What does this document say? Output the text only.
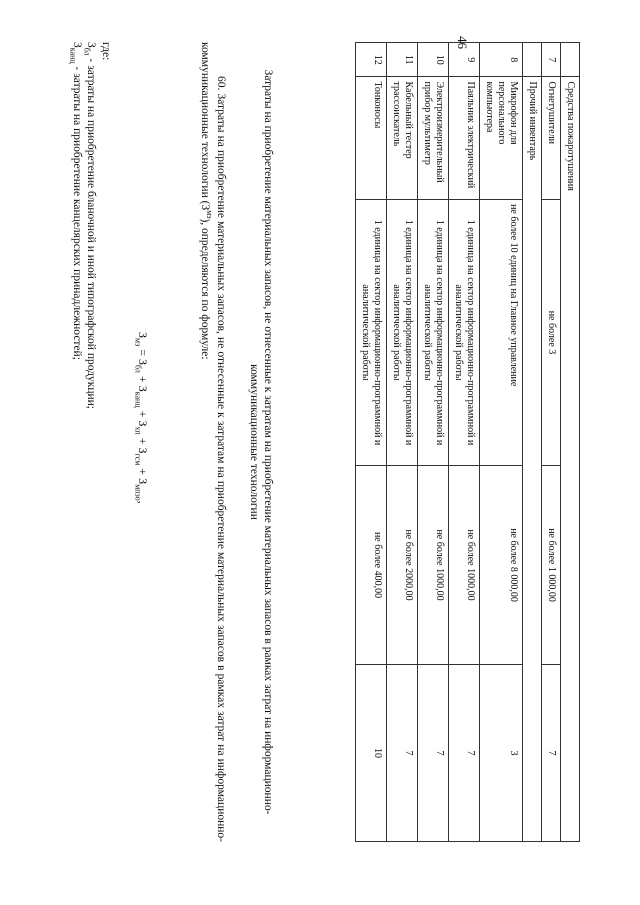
46
	Средства пожаротушения			
7	Огнетушители	не более 3	не более 1 000,00	7
	Прочий инвентарь			
8	Микрофон для персонального компьютера	не более 10 единиц на Главное управление	не более 8 000,00	3
9	Паяльник электрический	1 единица на сектор информационно-программной и аналитической работы	не более 1000,00	7
10	Электроизмерительный прибор мультиметр	1 единица на сектор информационно-программной и аналитической работы	не более 1000,00	7
11	Кабельный тестер трассоискатель	1 единица на сектор информационно-программной и аналитической работы	не более 2000,00	7
12	Тонконосы	1 единица на сектор информационно-программной и аналитической работы	не более 400,00	10
Затраты на приобретение материальных запасов, не отнесенные к затратам на приобретение материальных запасов в рамках затрат на информационно-коммуникационные технологии
60. Затраты на приобретение материальных запасов, не отнесенные к затратам на приобретение материальных запасов в рамках затрат на информационно-коммуникационные технологии $(З^{мз})$, определяются по формуле:
$З_{мз} = З_{бл} + З_{канц} + З_{хп} + З_{гсм} + З_{мпзо}$,
где:
$З_{бл}$ - затраты на приобретение бланочной и иной типографской продукции;
$З_{канц}$ - затраты на приобретение канцелярских принадлежностей;
